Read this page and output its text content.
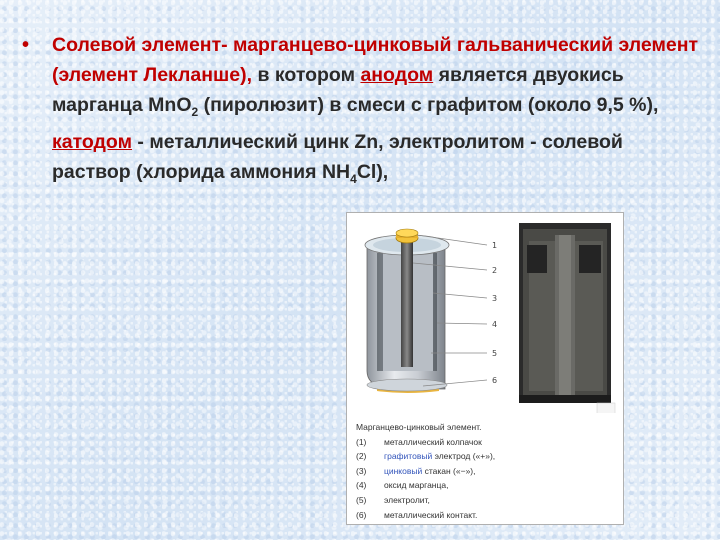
• Солевой элемент- марганцево-цинковый гальванический элемент (элемент Лекланше), в котором анодом является двуокись марганца MnO$_2$ (пиролюзит) в смеси с графитом (около 9,5 %), катодом - металлический цинк Zn, электролитом - солевой раствор (хлорида аммония $NH_4Cl$),
1
2
3
4
5
6
Марганцево-цинковый элемент.
(1) металлический колпачок
(2) графитовый электрод («+»),
(3) цинковый стакан («−»),
(4) оксид марганца,
(5) электролит,
(6) металлический контакт.
